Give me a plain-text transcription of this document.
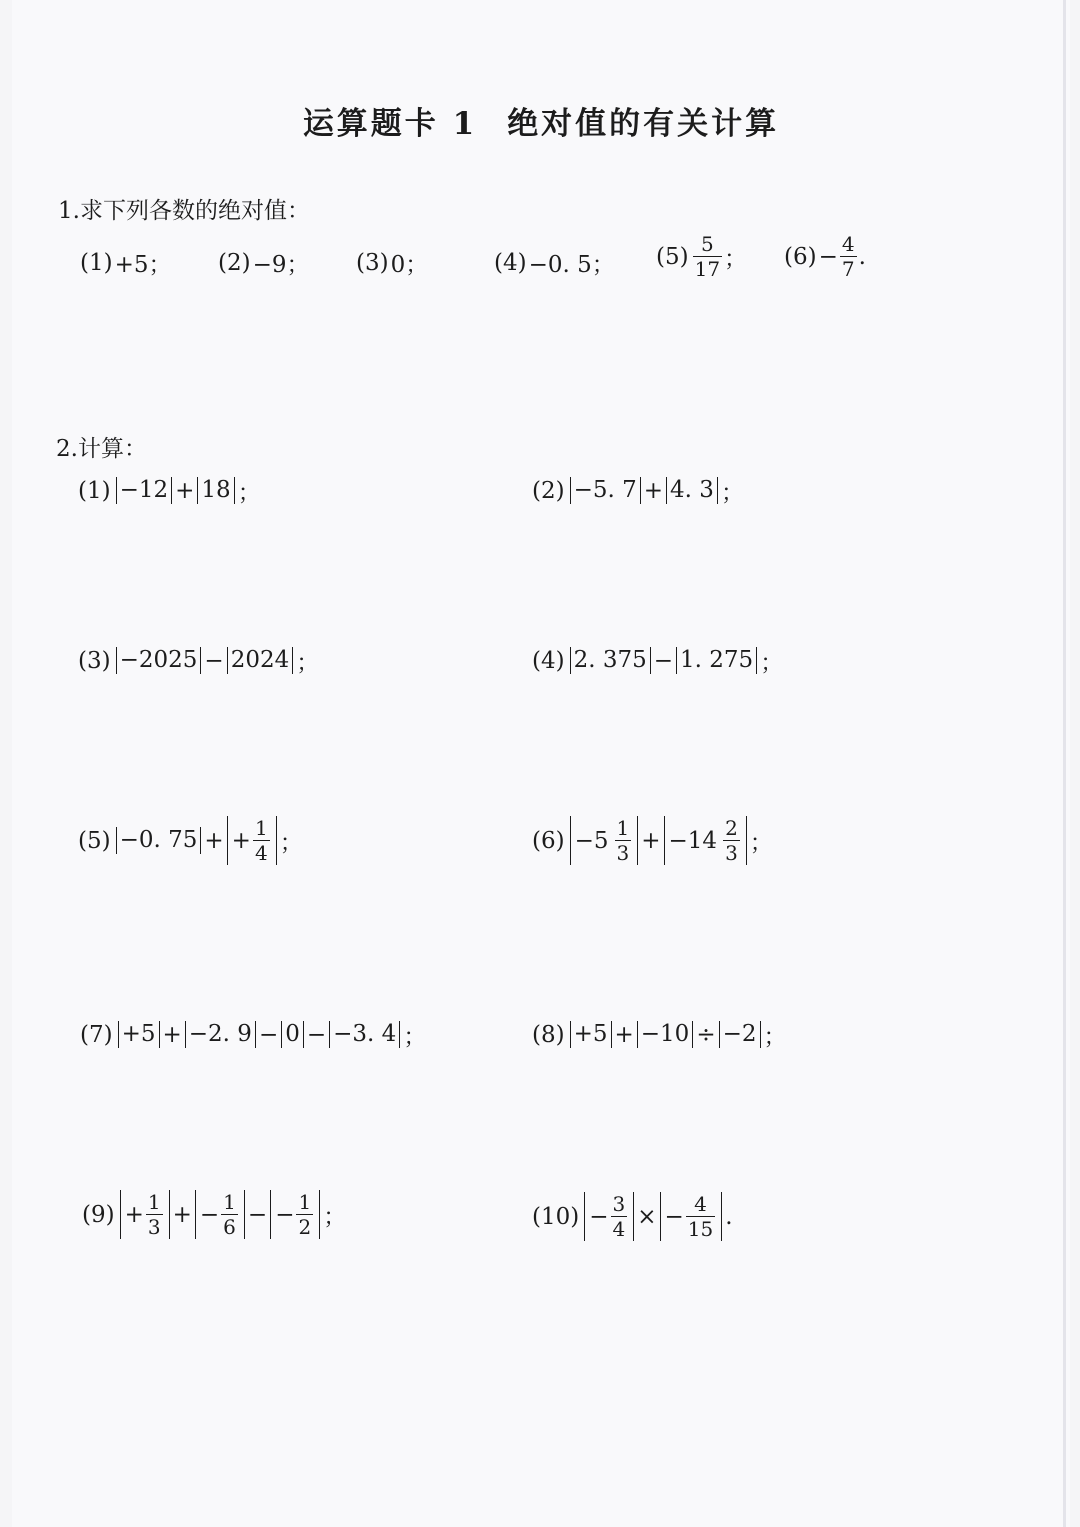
运算题卡 1 绝对值的有关计算
1.求下列各数的绝对值：
(1) +5； (2) −9； (3) 0；	(4) −0. 5； $(5) \frac{5}{17}$ ； $(6) - \frac{4}{7}$ .
2.计算：
(1) −12 + 18 ；	(2) −5. 7 + 4. 3 ；
(3) −2025 − 2024 ；	(4) 2. 375 − 1. 275 ；
(5) −0. 75 + + $\frac{1}{4}$ ；	$(6) -5 \frac{1}{3} + -14 \frac{2}{3}$ ；
(7) +5 + −2. 9 − 0 − −3. 4 ；	(8) +5 + −10 ÷ −2 ；
$(9) + \frac{1}{3}$ + − $\frac{1}{6}$ − − $\frac{1}{2}$ ；	$(10) - \frac{3}{4}$ × − $\frac{4}{15}$ .
